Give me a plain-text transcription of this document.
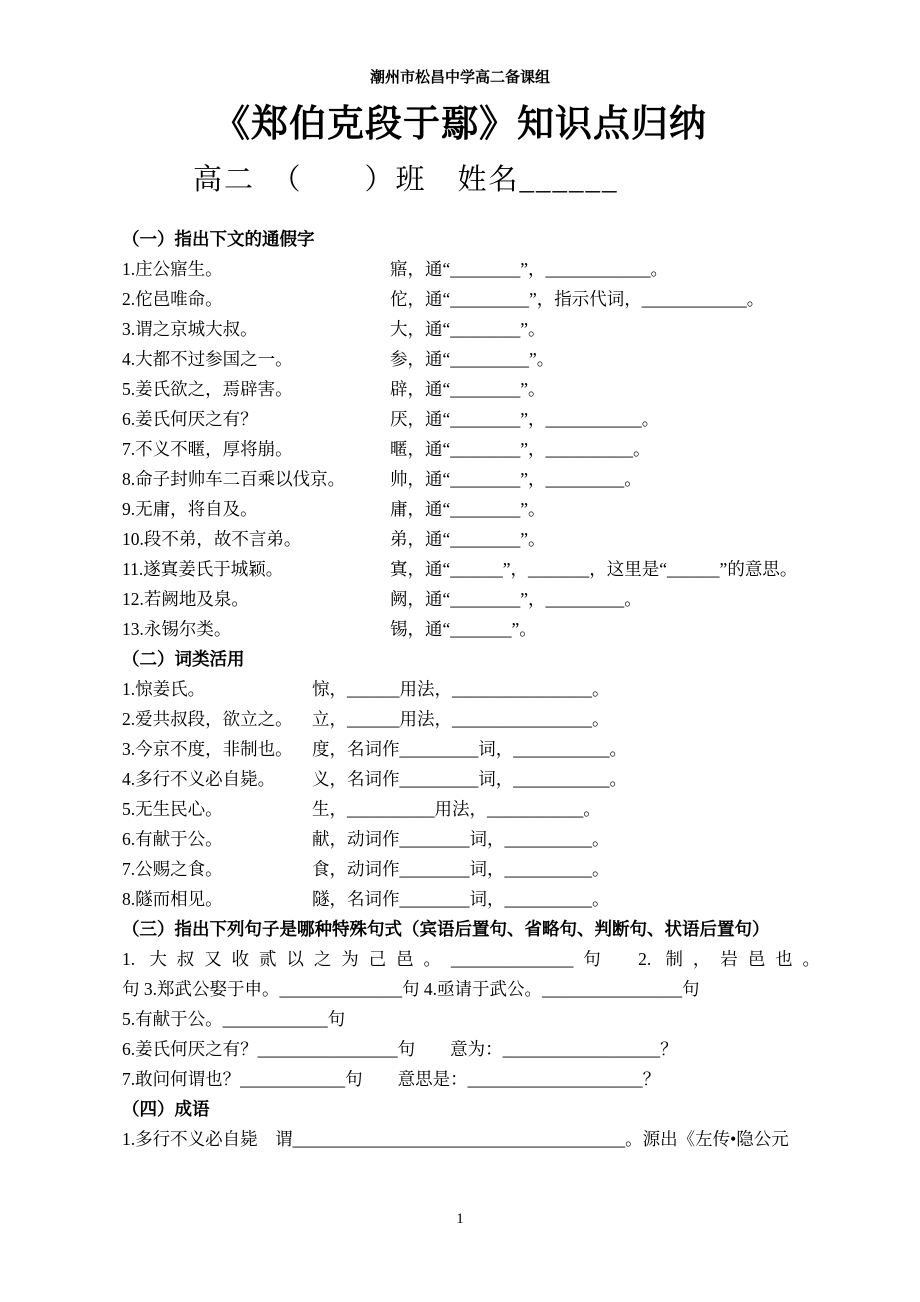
潮州市松昌中学高二备课组
《郑伯克段于鄢》知识点归纳
高二　（　　）班　姓名______
（一）指出下文的通假字
1.庄公寤生。	寤，通“________”，____________。
2.佗邑唯命。	佗，通“_________”，指示代词，____________。
3.谓之京城大叔。	大，通“________”。
4.大都不过参国之一。	参，通“_________”。
5.姜氏欲之，焉辟害。	辟，通“________”。
6.姜氏何厌之有？	厌，通“________”，___________。
7.不义不暱，厚将崩。	暱，通“________”，__________。
8.命子封帅车二百乘以伐京。	帅，通“________”，_________。
9.无庸，将自及。	庸，通“________”。
10.段不弟，故不言弟。	弟，通“________”。
11.遂寘姜氏于城颖。	寘，通“______”，_______，这里是“______”的意思。
12.若阙地及泉。	阙，通“________”，_________。
13.永锡尔类。	锡，通“_______”。
（二）词类活用
1.惊姜氏。	惊，______用法，________________。
2.爱共叔段，欲立之。	立，______用法，________________。
3.今京不度，非制也。	度，名词作_________词，___________。
4.多行不义必自毙。	义，名词作_________词，___________。
5.无生民心。	生，__________用法，___________。
6.有献于公。	献，动词作________词，__________。
7.公赐之食。	食，动词作________词，__________。
8.隧而相见。	隧，名词作________词，__________。
（三）指出下列句子是哪种特殊句式（宾语后置句、省略句、判断句、状语后置句）
1. 大叔又收贰以之为己邑。______________句　2. 制，岩邑也。
句 3.郑武公娶于申。______________句 4.亟请于武公。________________句
5.有献于公。____________句
6.姜氏何厌之有？________________句　　意为：__________________？
7.敢问何谓也？____________句　　意思是：____________________？
（四）成语
1.多行不义必自毙　谓______________________________________。源出《左传•隐公元
1
